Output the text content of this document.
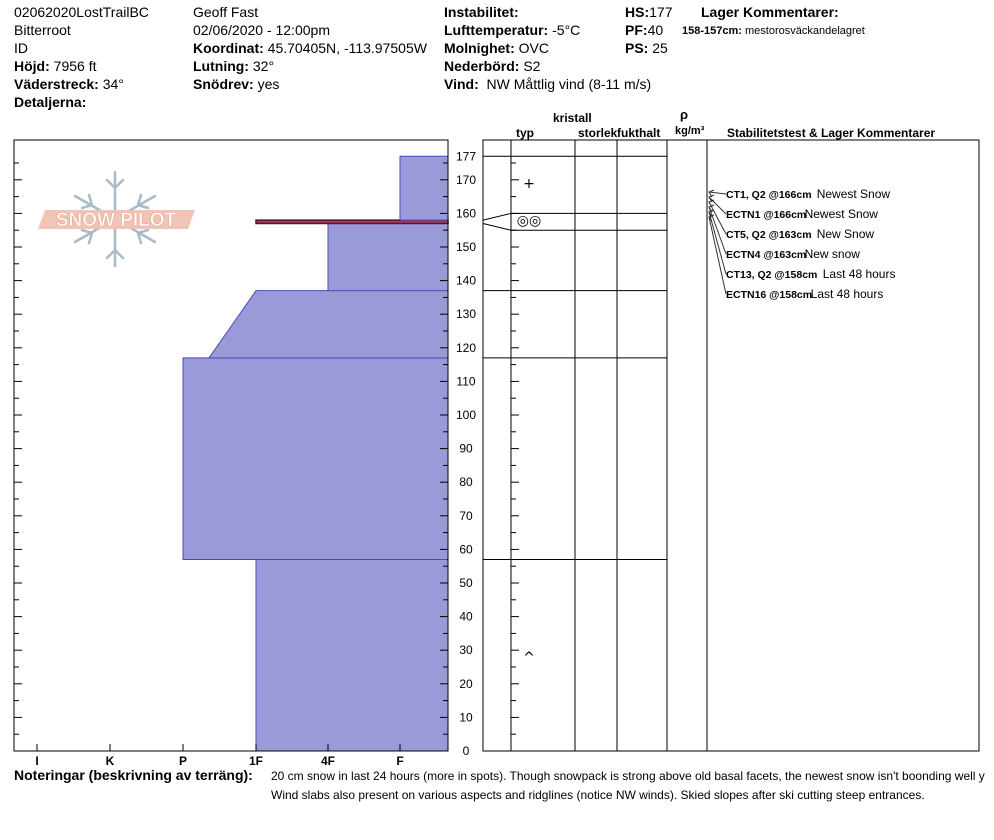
02062020LostTrailBC
Bitterroot
ID
Höjd: 7956 ft
Väderstreck: 34°
Detaljerna:
Geoff Fast
02/06/2020 - 12:00pm
Koordinat: 45.70405N, -113.97505W
Lutning: 32°
Snödrev: yes
Instabilitet:
Lufttemperatur: -5°C
Molnighet: OVC
Nederbörd: S2
Vind: NW Måttlig vind (8-11 m/s)
HS:177
PF:40
PS: 25
Lager Kommentarer:
158-157cm: mestorosväckandelagret
kristall
typ	storlek fukthalt
ρ
kg/m³ Stabilitetstest & Lager Kommentarer
SNOW PILOT
0
10
20
30
40
50
60
70
80
90
100
110
120
130
140
150
160
170
177
I	K	P	1F	4F	F
+
◎◎
^
CT1, Q2 @166cm Newest Snow
ECTN1 @166cm
Newest Snow
CT5, Q2 @163cm New Snow
ECTN4 @163cm
New snow
CT13, Q2 @158cm Last 48 hours
ECTN16 @158cm
Last 48 hours
Noteringar (beskrivning av terräng): 20 cm snow in last 24 hours (more in spots). Though snowpack is strong above old basal facets, the newest snow isn't boonding well y
Wind slabs also present on various aspects and ridglines (notice NW winds). Skied slopes after ski cutting steep entrances.
